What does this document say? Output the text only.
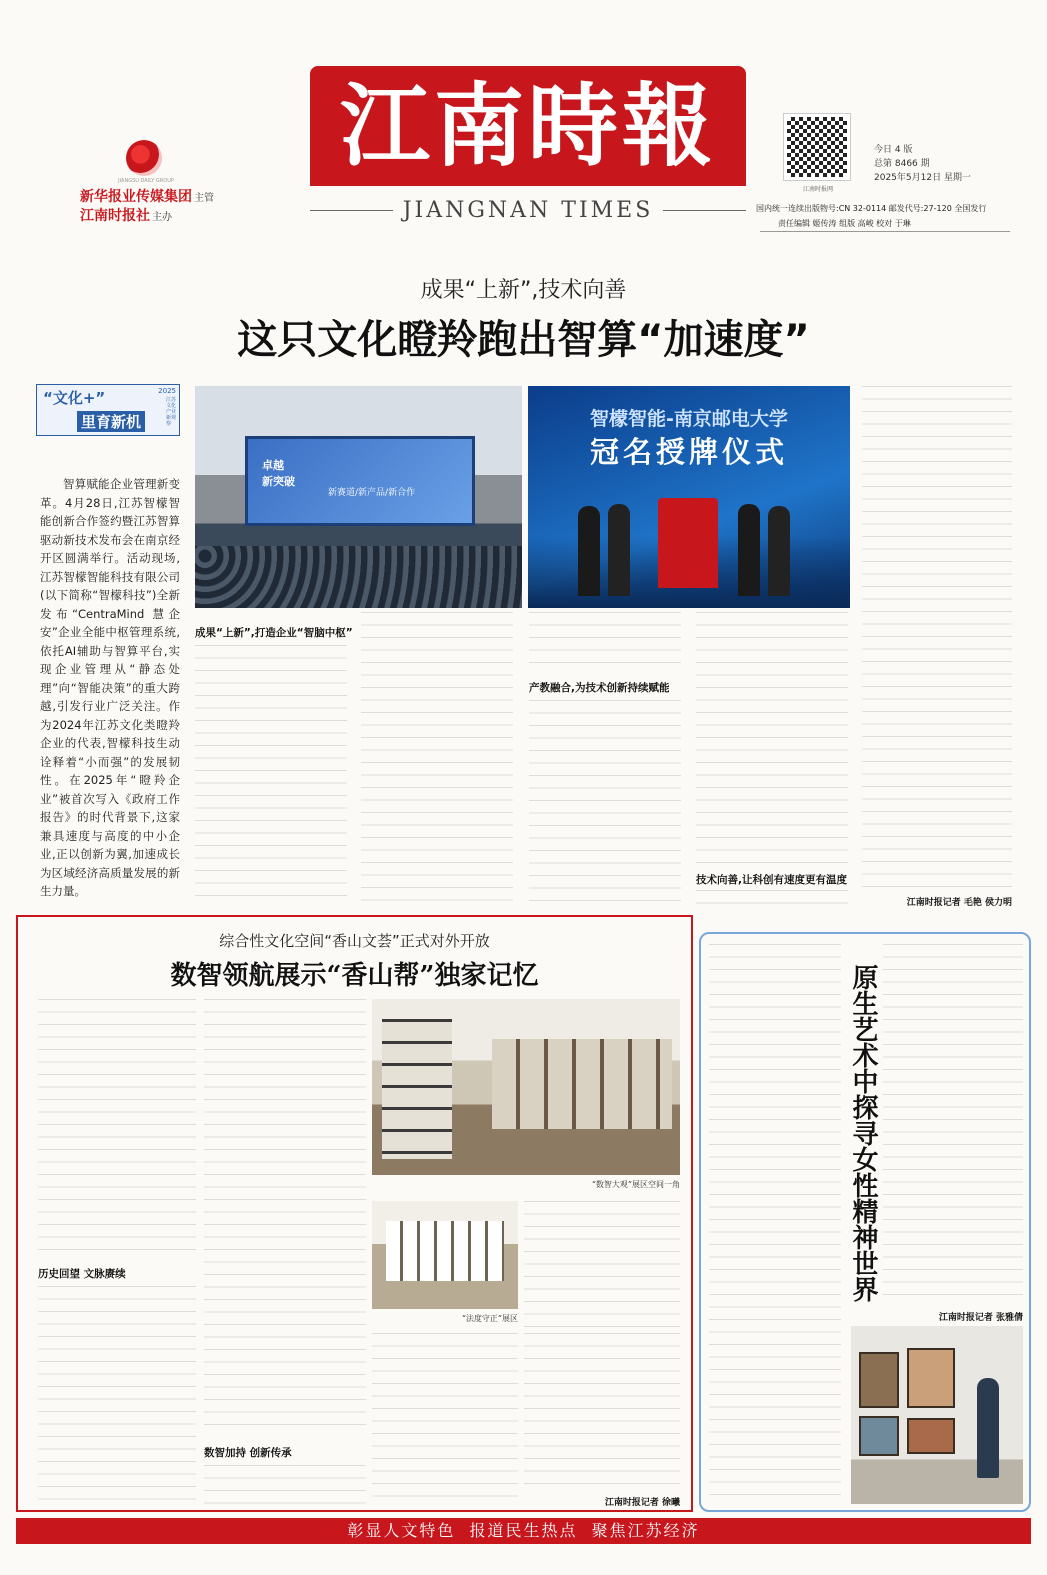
JIANGSU DAILY GROUP
新华报业传媒集团 主管
江南时报社 主办
江南時報
JIANGNAN TIMES
江南时报网
今日 4 版
总第 8466 期
2025年5月12日 星期一
国内统一连续出版物号:CN 32-0114 邮发代号:27-120 全国发行
责任编辑 姬传涛 组版 高峻 校对 于琳
成果“上新”,技术向善
这只文化瞪羚跑出智算“加速度”
“文化+”
里育新机
2025
江苏文化产业新观察
智算赋能企业管理新变革。4月28日,江苏智檬智能创新合作签约暨江苏智算驱动新技术发布会在南京经开区圆满举行。活动现场,江苏智檬智能科技有限公司(以下简称“智檬科技”)全新发布“CentraMind 慧企安”企业全能中枢管理系统,依托AI辅助与智算平台,实现企业管理从“静态处理”向“智能决策”的重大跨越,引发行业广泛关注。作为2024年江苏文化类瞪羚企业的代表,智檬科技生动诠释着“小而强”的发展韧性。在2025年“瞪羚企业”被首次写入《政府工作报告》的时代背景下,这家兼具速度与高度的中小企业,正以创新为翼,加速成长为区域经济高质量发展的新生力量。
卓越
新突破
新赛道/新产品/新合作
智檬智能-南京邮电大学
冠名授牌仪式
成果“上新”,打造企业“智脑中枢”
产教融合,为技术创新持续赋能
技术向善,让科创有速度更有温度
江南时报记者 毛艳 侯力明
综合性文化空间“香山文荟”正式对外开放
数智领航展示“香山帮”独家记忆
历史回望 文脉赓续
数智加持 创新传承
“数智大观”展区空间一角
“法度守正”展区
江南时报记者 徐曦
原生艺术中探寻女性精神世界
江南时报记者 张雅倩
彰显人文特色  报道民生热点  聚焦江苏经济
